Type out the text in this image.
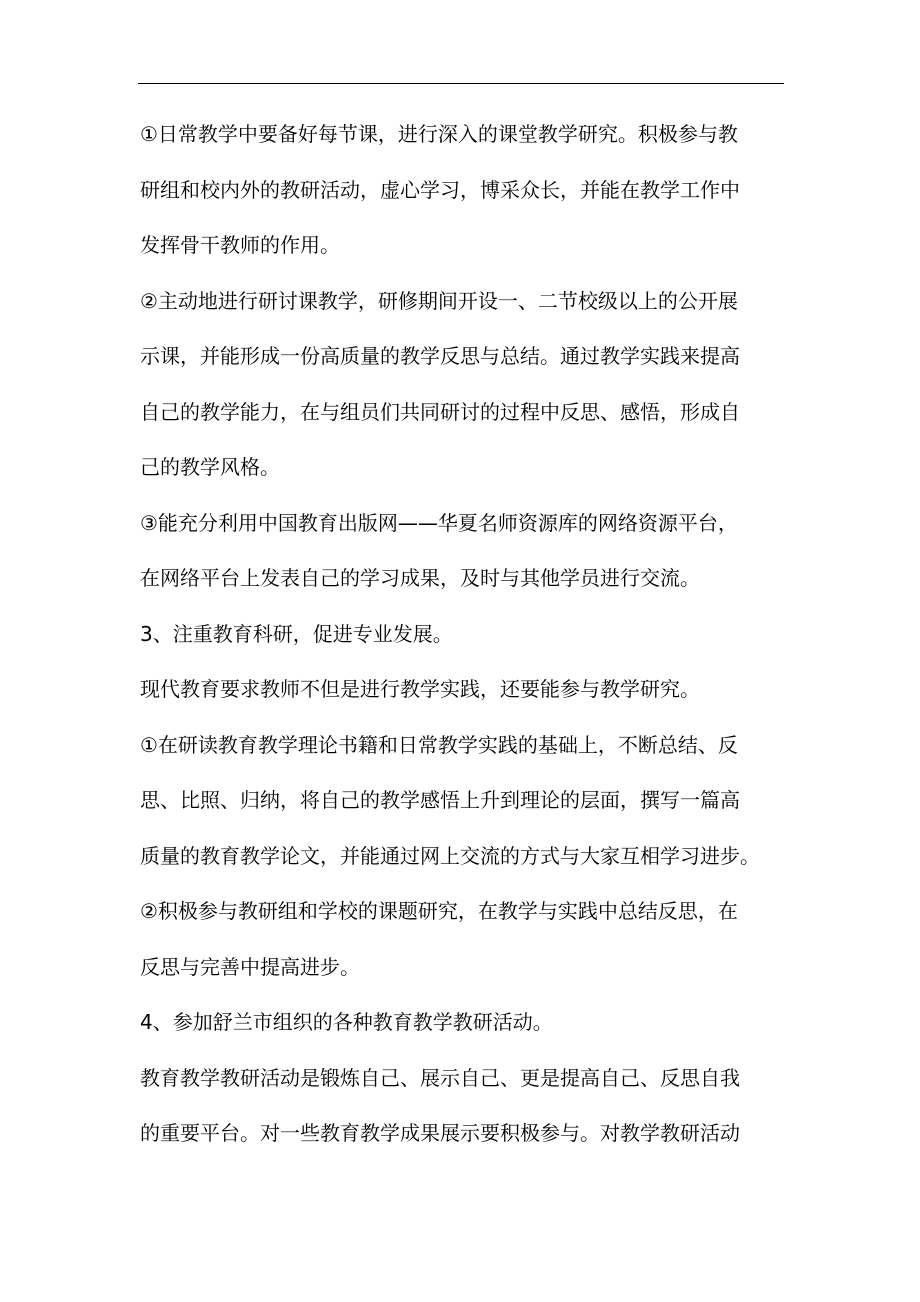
①日常教学中要备好每节课，进行深入的课堂教学研究。积极参与教
研组和校内外的教研活动，虚心学习，博采众长，并能在教学工作中
发挥骨干教师的作用。
②主动地进行研讨课教学，研修期间开设一、二节校级以上的公开展
示课，并能形成一份高质量的教学反思与总结。通过教学实践来提高
自己的教学能力，在与组员们共同研讨的过程中反思、感悟，形成自
己的教学风格。
③能充分利用中国教育出版网——华夏名师资源库的网络资源平台，
在网络平台上发表自己的学习成果，及时与其他学员进行交流。
3、注重教育科研，促进专业发展。
现代教育要求教师不但是进行教学实践，还要能参与教学研究。
①在研读教育教学理论书籍和日常教学实践的基础上，不断总结、反
思、比照、归纳，将自己的教学感悟上升到理论的层面，撰写一篇高
质量的教育教学论文，并能通过网上交流的方式与大家互相学习进步。
②积极参与教研组和学校的课题研究，在教学与实践中总结反思，在
反思与完善中提高进步。
4、参加舒兰市组织的各种教育教学教研活动。
教育教学教研活动是锻炼自己、展示自己、更是提高自己、反思自我
的重要平台。对一些教育教学成果展示要积极参与。对教学教研活动
